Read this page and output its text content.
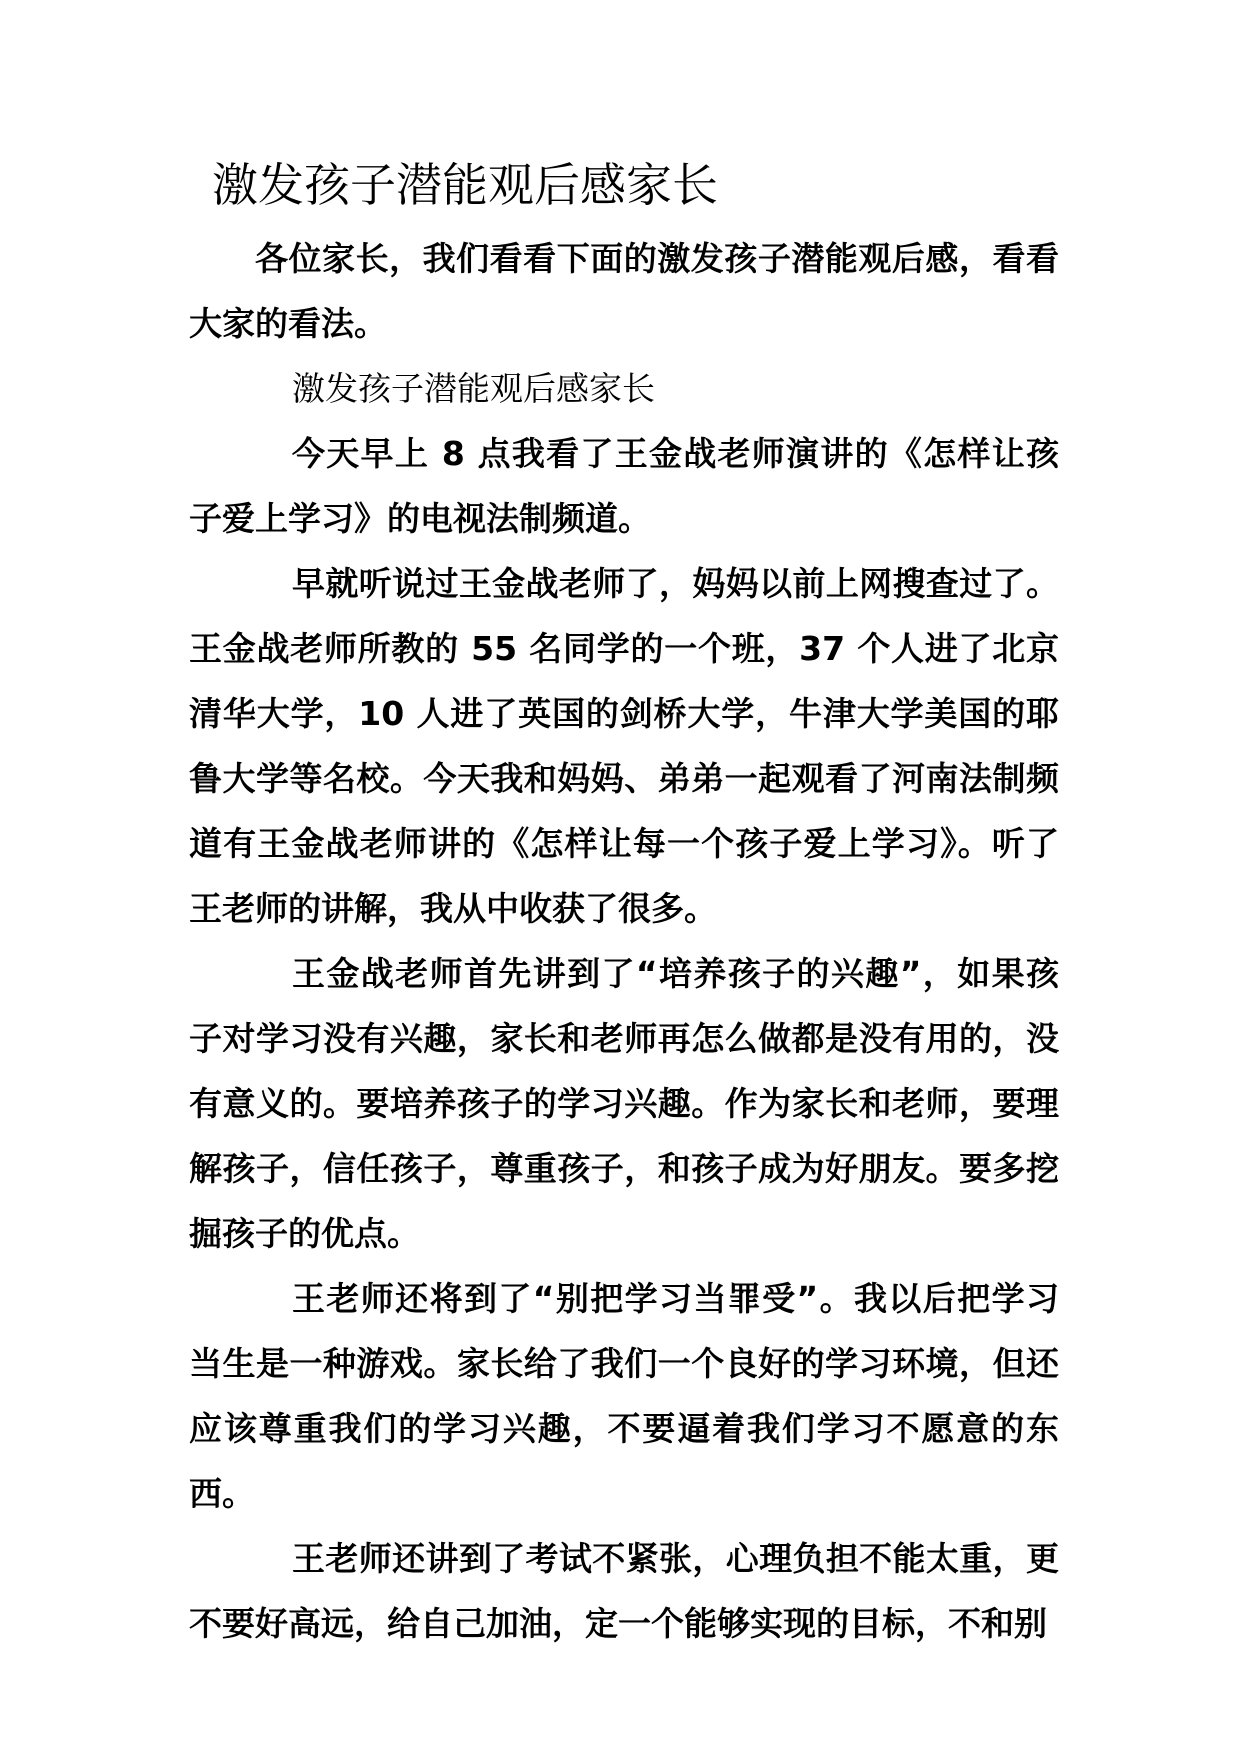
激发孩子潜能观后感家长

各位家长，我们看看下面的激发孩子潜能观后感，看看大家的看法。

激发孩子潜能观后感家长

今天早上 8 点我看了王金战老师演讲的《怎样让孩子爱上学习》的电视法制频道。

早就听说过王金战老师了，妈妈以前上网搜查过了。王金战老师所教的 55 名同学的一个班，37 个人进了北京清华大学，10 人进了英国的剑桥大学，牛津大学美国的耶鲁大学等名校。今天我和妈妈、弟弟一起观看了河南法制频道有王金战老师讲的《怎样让每一个孩子爱上学习》。听了王老师的讲解，我从中收获了很多。

王金战老师首先讲到了“培养孩子的兴趣”，如果孩子对学习没有兴趣，家长和老师再怎么做都是没有用的，没有意义的。要培养孩子的学习兴趣。作为家长和老师，要理解孩子，信任孩子，尊重孩子，和孩子成为好朋友。要多挖掘孩子的优点。

王老师还将到了“别把学习当罪受”。我以后把学习当生是一种游戏。家长给了我们一个良好的学习环境，但还应该尊重我们的学习兴趣，不要逼着我们学习不愿意的东西。

王老师还讲到了考试不紧张，心理负担不能太重，更不要好高远，给自己加油，定一个能够实现的目标，不和别
